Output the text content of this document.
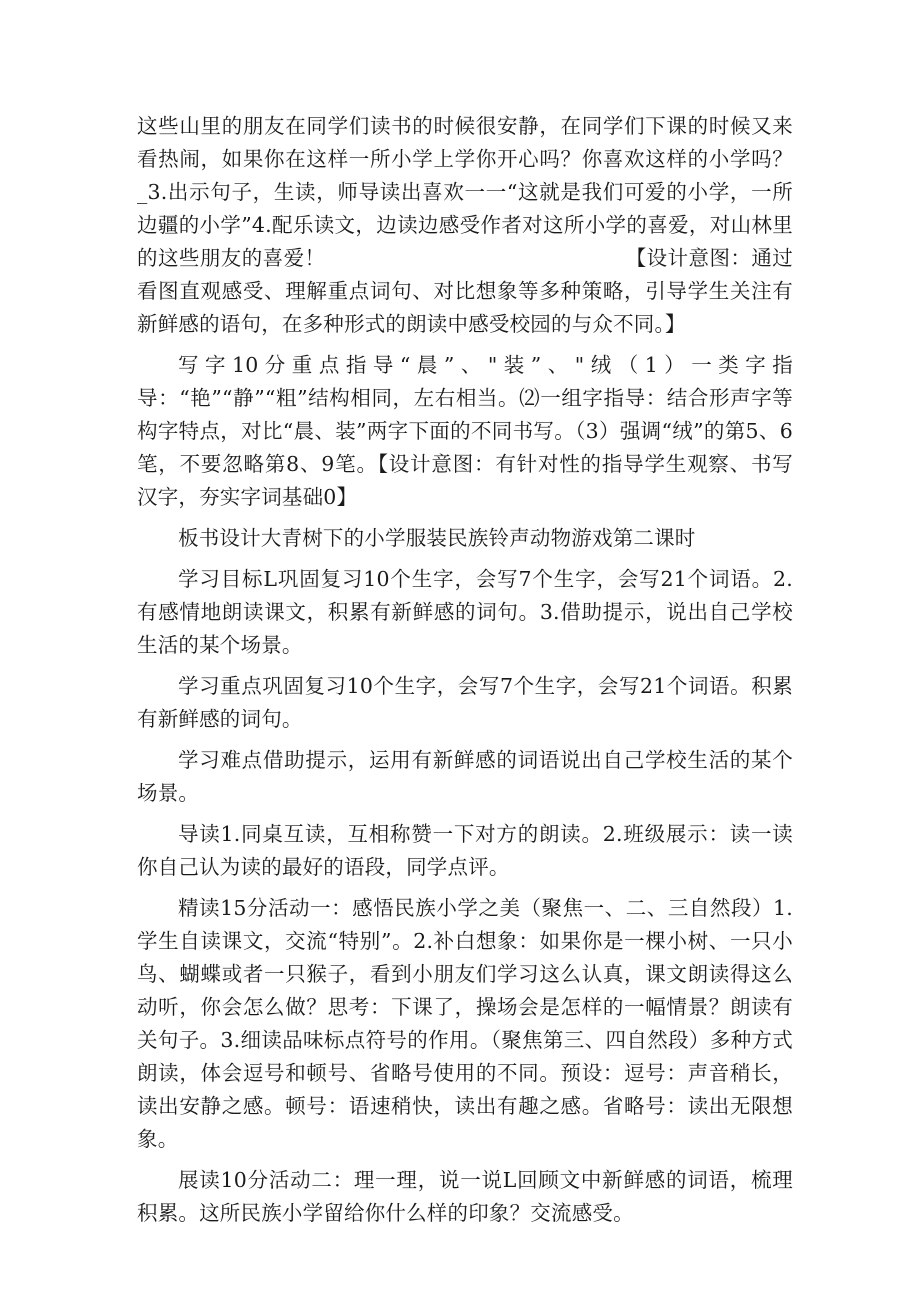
这些山里的朋友在同学们读书的时候很安静，在同学们下课的时候又来看热闹，如果你在这样一所小学上学你开心吗？你喜欢这样的小学吗？_3.出示句子，生读，师导读出喜欢一一“这就是我们可爱的小学，一所边疆的小学”4.配乐读文，边读边感受作者对这所小学的喜爱，对山林里的这些朋友的喜爱！	【设计意图：通过看图直观感受、理解重点词句、对比想象等多种策略，引导学生关注有新鲜感的语句，在多种形式的朗读中感受校园的与众不同。】

写字10分重点指导“晨”、"装”、"绒（1）一类字指导：“艳”“静”“粗”结构相同，左右相当。⑵一组字指导：结合形声字等构字特点，对比“晨、装”两字下面的不同书写。（3）强调“绒”的第5、6笔，不要忽略第8、9笔。【设计意图：有针对性的指导学生观察、书写汉字，夯实字词基础0】

板书设计大青树下的小学服装民族铃声动物游戏第二课时

学习目标L巩固复习10个生字，会写7个生字，会写21个词语。2.有感情地朗读课文，积累有新鲜感的词句。3.借助提示，说出自己学校生活的某个场景。

学习重点巩固复习10个生字，会写7个生字，会写21个词语。积累有新鲜感的词句。

学习难点借助提示，运用有新鲜感的词语说出自己学校生活的某个场景。

导读1.同桌互读，互相称赞一下对方的朗读。2.班级展示：读一读你自己认为读的最好的语段，同学点评。

精读15分活动一：感悟民族小学之美（聚焦一、二、三自然段）1.学生自读课文，交流“特别”。2.补白想象：如果你是一棵小树、一只小鸟、蝴蝶或者一只猴子，看到小朋友们学习这么认真，课文朗读得这么动听，你会怎么做？思考：下课了，操场会是怎样的一幅情景？朗读有关句子。3.细读品味标点符号的作用。（聚焦第三、四自然段）多种方式朗读，体会逗号和顿号、省略号使用的不同。预设：逗号：声音稍长，读出安静之感。顿号：语速稍快，读出有趣之感。省略号：读出无限想象。

展读10分活动二：理一理，说一说L回顾文中新鲜感的词语，梳理积累。这所民族小学留给你什么样的印象？交流感受。
